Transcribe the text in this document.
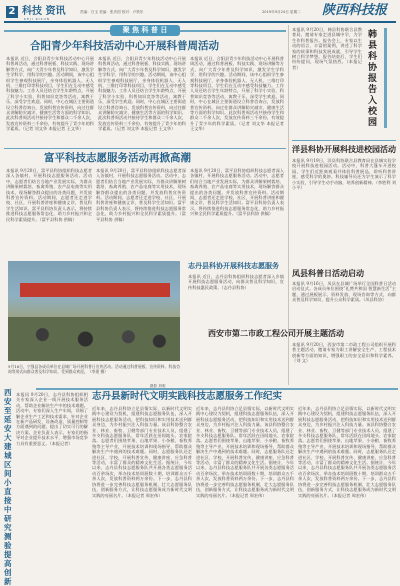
2 科技 资讯
KEJI ZIXUN
责编：白玉 美编：张庆国 校对：卢铁东	2019年9月24日 星期二 陕西科技报
聚 焦 科 普 日
合阳青少年科技活动中心开展科普周活动
本报讯 近日，合阳县青少年科技活动中心开展科普周活动，通过科普展板、科技实践、现场讲解等方式，向广大青少年普及科学知识，激发学生学科学、用科学的兴趣。活动期间，该中心组织学生参观科技展厅，亲身体验机器人、无人机、三维打印等科技项目，学生们在互动中感受科技魅力。工作人员还结合学生年龄特点，开展了科学小实验、科普知识竞答等活动，寓教于乐，深受学生欢迎。同时，中心在城区主要街道设立科普咨询台，发放科普宣传资料，向过往群众讲解防灾减灾、健康生活等方面的科学知识。此次科普周活动共接待学生和群众二千余人次，发放宣传资料三千余份，有效提升了青少年的科学素质。（记者 刘文华 本报记者 王文华）
本报讯 近日，合阳县青少年科技活动中心开展科普周活动，通过科普展板、科技实践、现场讲解等方式，向广大青少年普及科学知识，激发学生学科学、用科学的兴趣。活动期间，该中心组织学生参观科技展厅，亲身体验机器人、无人机、三维打印等科技项目，学生们在互动中感受科技魅力。工作人员还结合学生年龄特点，开展了科学小实验、科普知识竞答等活动，寓教于乐，深受学生欢迎。同时，中心在城区主要街道设立科普咨询台，发放科普宣传资料，向过往群众讲解防灾减灾、健康生活等方面的科学知识。此次科普周活动共接待学生和群众二千余人次，发放宣传资料三千余份，有效提升了青少年的科学素质。（记者 刘文华 本报记者 王文华）
本报讯 近日，合阳县青少年科技活动中心开展科普周活动，通过科普展板、科技实践、现场讲解等方式，向广大青少年普及科学知识，激发学生学科学、用科学的兴趣。活动期间，该中心组织学生参观科技展厅，亲身体验机器人、无人机、三维打印等科技项目，学生们在互动中感受科技魅力。工作人员还结合学生年龄特点，开展了科学小实验、科普知识竞答等活动，寓教于乐，深受学生欢迎。同时，中心在城区主要街道设立科普咨询台，发放科普宣传资料，向过往群众讲解防灾减灾、健康生活等方面的科学知识。此次科普周活动共接待学生和群众二千余人次，发放宣传资料三千余份，有效提升了青少年的科学素质。（记者 刘文华 本报记者 王文华）
富平科技志愿服务活动再掀高潮
本报讯 9月20日，富平县科协组织科技志愿者深入各镇村，开展科技志愿服务活动。活动中，志愿者们结合当地产业发展实际，为群众讲解果树栽培、畜禽养殖、农产品电商等实用技术，现场解答群众提出的各类问题，并发放科普宣传资料。活动期间，志愿者还走进学校、社区，开展科普讲座和健康义诊，普及科学生活知识。富平县科协负责人表示，将持续推进科技志愿服务常态化，助力乡村振兴和全民科学素质提升。（富平县科协 供稿）
本报讯 9月20日，富平县科协组织科技志愿者深入各镇村，开展科技志愿服务活动。活动中，志愿者们结合当地产业发展实际，为群众讲解果树栽培、畜禽养殖、农产品电商等实用技术，现场解答群众提出的各类问题，并发放科普宣传资料。活动期间，志愿者还走进学校、社区，开展科普讲座和健康义诊，普及科学生活知识。富平县科协负责人表示，将持续推进科技志愿服务常态化，助力乡村振兴和全民科学素质提升。（富平县科协 供稿）
本报讯 9月20日，富平县科协组织科技志愿者深入各镇村，开展科技志愿服务活动。活动中，志愿者们结合当地产业发展实际，为群众讲解果树栽培、畜禽养殖、农产品电商等实用技术，现场解答群众提出的各类问题，并发放科普宣传资料。活动期间，志愿者还走进学校、社区，开展科普讲座和健康义诊，普及科学生活知识。富平县科协负责人表示，将持续推进科技志愿服务常态化，助力乡村振兴和全民科学素质提升。（富平县科协 供稿）
9月16日，宁强县各成员单位在县城广场开展科普日宣传活动。活动通过科普展板、宣传资料、科技咨询等形式向群众普及科学知识，受到群众欢迎。（李建 摄）
摄影 刘明
志丹县科协开展科技志愿服务
本报讯 近日，志丹县科协组织科技志愿者深入乡镇开展科技志愿服务活动，向群众普及科学知识，宣传科技惠民政策。（志丹县科协）
本报讯 9月20日，韩县科协联合县教育局，邀请专家走进县城中学，为学生作科普报告。报告会上，专家以生动的语言、丰富的案例，讲述了科学家的故事和科技发展成就，引导学生树立科学梦想。报告结束后，学生们纷纷提问，现场气氛热烈。（本报记者）
韩县科协报告入校园
洋县科协开展科技进校园活动
本报讯 9月19日，洋县科协联合县教育局在县城实验学校开展科技进校园活动。活动中，科普大篷车开进校园，学生们近距离观看并体验科普展品，聆听科普讲座，感受科学的奥妙。科技辅导员还为学生演示了科学小实验，引导学生动手动脑，培养创新精神。（李胜利 刘小平）
凤县科普日活动启动
本报讯 9月16日，凤县在县城广场举行全国科普日活动启动仪式。各成员单位围绕“礼赞共和国 智慧新生活”主题，通过展板展示、资料发放、现场咨询等方式，向群众普及科学知识，提升公众科学素质。（凤县科协）
西安市第二市政工程公司开展主题活动
本报讯 9月20日，西安市第二市政工程公司组织开展科普主题活动，邀请专家为职工讲解安全生产、工程技术创新等方面的知识，增强职工的安全意识和科学素养。（刘 文）
志丹县新时代文明实践科技志愿服务工作纪实
近年来，志丹县科协立足县情实际，以新时代文明实践中心建设为契机，组建科技志愿服务队伍，深入开展科技志愿服务活动，把科技知识和实用技术送到群众身边，为乡村振兴注入科技力量。该县科协整合农业、林业、畜牧、卫健等部门专业技术人员，组建了多支科技志愿服务队，常年活跃在田间地头、农家院落。志愿者们围绕苹果、山地苹果、小杂粮、畜牧养殖等主导产业，开展技术培训和现场指导，帮助群众解决生产中遇到的技术难题。同时，志愿服务队还走进社区、学校，开展科普宣传、健康讲座、应急科普等活动，丰富了群众的精神文化生活。据统计，今年以来，志丹县科技志愿服务队共开展各类志愿服务活动百余场次，举办技术培训班数十期，培训群众五千余人次，发放科普资料两万余份。下一步，志丹县科协将进一步完善科技志愿服务机制，壮大志愿服务队伍，创新服务方式，让科技志愿服务成为新时代文明实践的亮丽名片。（本报记者 周宏伟）
近年来，志丹县科协立足县情实际，以新时代文明实践中心建设为契机，组建科技志愿服务队伍，深入开展科技志愿服务活动，把科技知识和实用技术送到群众身边，为乡村振兴注入科技力量。该县科协整合农业、林业、畜牧、卫健等部门专业技术人员，组建了多支科技志愿服务队，常年活跃在田间地头、农家院落。志愿者们围绕苹果、山地苹果、小杂粮、畜牧养殖等主导产业，开展技术培训和现场指导，帮助群众解决生产中遇到的技术难题。同时，志愿服务队还走进社区、学校，开展科普宣传、健康讲座、应急科普等活动，丰富了群众的精神文化生活。据统计，今年以来，志丹县科技志愿服务队共开展各类志愿服务活动百余场次，举办技术培训班数十期，培训群众五千余人次，发放科普资料两万余份。下一步，志丹县科协将进一步完善科技志愿服务机制，壮大志愿服务队伍，创新服务方式，让科技志愿服务成为新时代文明实践的亮丽名片。（本报记者 周宏伟）
近年来，志丹县科协立足县情实际，以新时代文明实践中心建设为契机，组建科技志愿服务队伍，深入开展科技志愿服务活动，把科技知识和实用技术送到群众身边，为乡村振兴注入科技力量。该县科协整合农业、林业、畜牧、卫健等部门专业技术人员，组建了多支科技志愿服务队，常年活跃在田间地头、农家院落。志愿者们围绕苹果、山地苹果、小杂粮、畜牧养殖等主导产业，开展技术培训和现场指导，帮助群众解决生产中遇到的技术难题。同时，志愿服务队还走进社区、学校，开展科普宣传、健康讲座、应急科普等活动，丰富了群众的精神文化生活。据统计，今年以来，志丹县科技志愿服务队共开展各类志愿服务活动百余场次，举办技术培训班数十期，培训群众五千余人次，发放科普资料两万余份。下一步，志丹县科协将进一步完善科技志愿服务机制，壮大志愿服务队伍，创新服务方式，让科技志愿服务成为新时代文明实践的亮丽名片。（本报记者 周宏伟）
西安至延安大建城区间小直接中研究测验提高创新
本报讯 9月20日，志丹县科协组织相关专家深入企业一线开展技术服务活动，帮助企业解决生产中的技术难题。活动中，专家们深入生产车间，详细了解企业生产工艺和技术需求，针对企业在新产品研发、设备改造、质量控制等方面遇到的问题，提出了切实可行的解决方案。企业负责人表示，专家们的指导对企业提升技术水平、增强市场竞争力具有重要意义。（本报记者）
